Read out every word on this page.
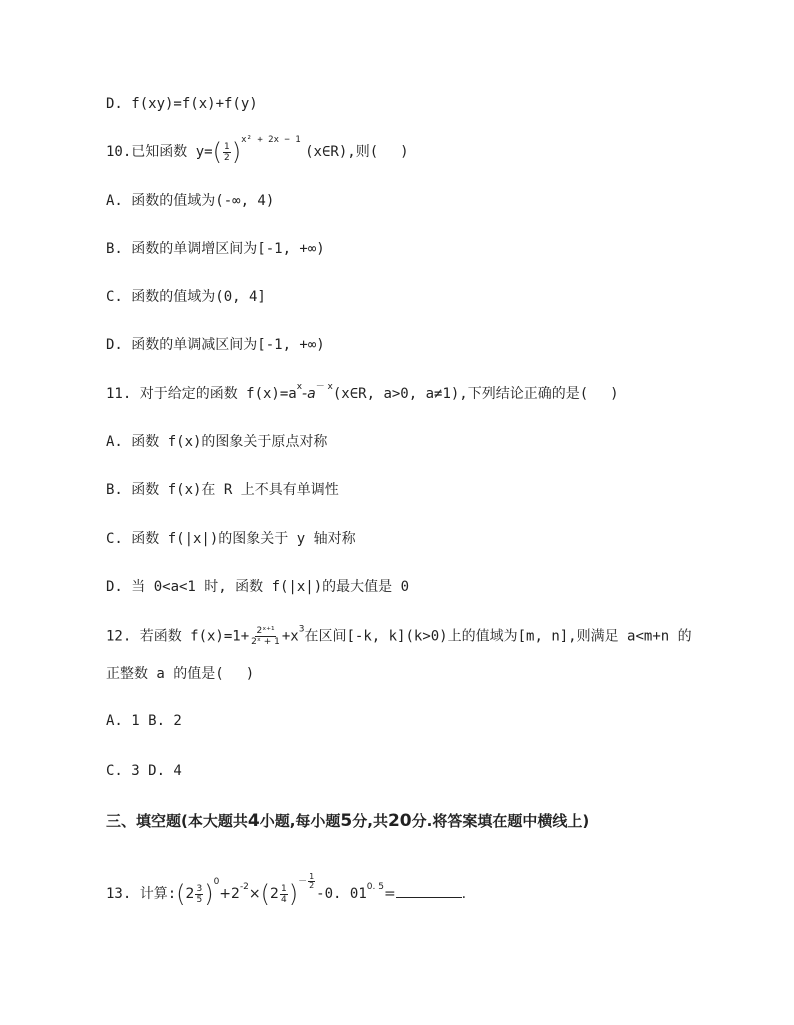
D. f(xy)=f(x)+f(y)
10.已知函数 $y=( \frac{1}{2} )^{x^2 + 2x - 1}$ (x∈R),则( )
A. 函数的值域为(-∞, 4)
B. 函数的单调增区间为[-1, +∞)
C. 函数的值域为(0, 4]
D. 函数的单调减区间为[-1, +∞)
11. 对于给定的函数 $f(x)=a^x-a^{- x}(x\in R$, a>0, a≠1),下列结论正确的是( )
A. 函数 f(x)的图象关于原点对称
B. 函数 f(x)在 R 上不具有单调性
C. 函数 f(|x|)的图象关于 y 轴对称
D. 当 0<a<1 时, 函数 f(|x|)的最大值是 0
12. 若函数 $f(x)=1+ \frac{\text{2ˣ⁺¹}}{\text{2ˣ + 1}} +x^3$在区间[-k, k](k>0)上的值域为[m, n],则满足 a<m+n 的
正整数 a 的值是( )
A. 1 B. 2
C. 3 D. 4
三、填空题(本大题共4小题,每小题5分,共20分.将答案填在题中横线上)
13. 计算:( $2 \frac{3}{5} )^0+2^{-2}\times$( $2 \frac{1}{4} )^{- \frac{1}{2}}$
-0. $01^{0. 5}=$	.
